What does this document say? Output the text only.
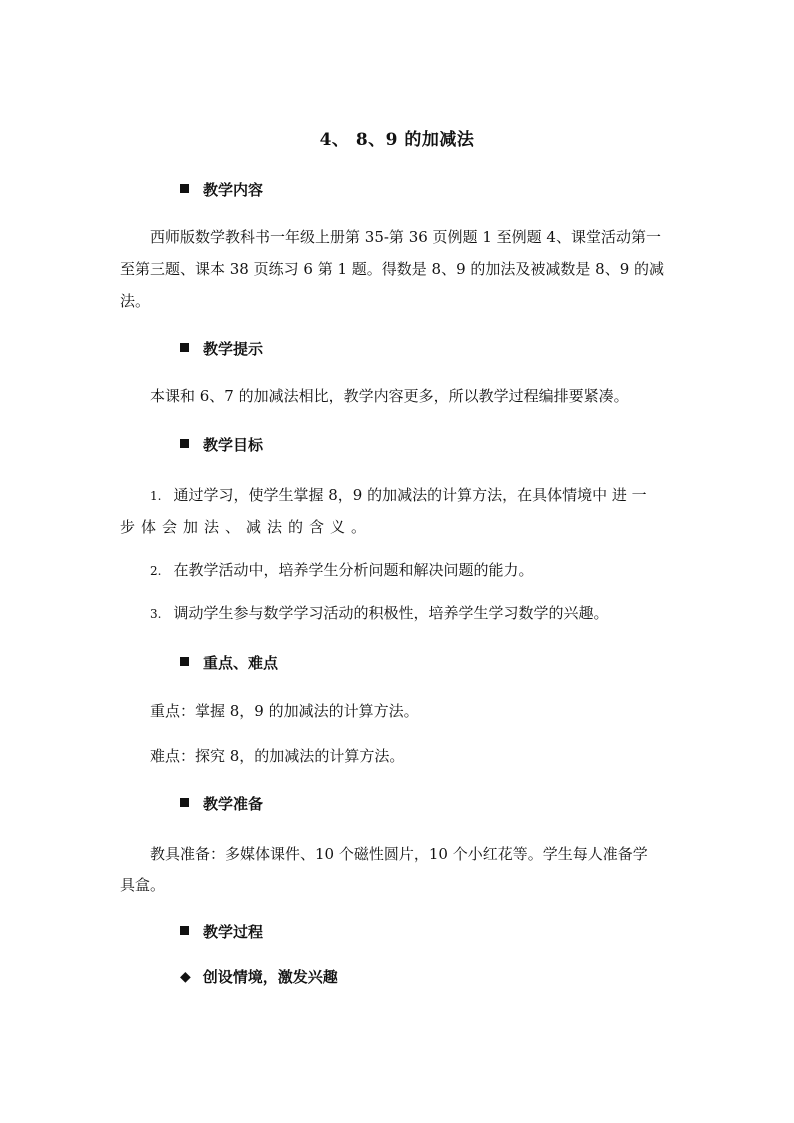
4、 8、9 的加减法
教学内容
西师版数学教科书一年级上册第 35-第 36 页例题 1 至例题 4、课堂活动第一
至第三题、课本 38 页练习 6 第 1 题。得数是 8、9 的加法及被减数是 8、9 的减
法。
教学提示
本课和 6、7 的加减法相比，教学内容更多，所以教学过程编排要紧凑。
教学目标
1. 通过学习，使学生掌握 8，9 的加减法的计算方法，在具体情境中 进 一
步体会加法、减法的含义。
2. 在教学活动中，培养学生分析问题和解决问题的能力。
3. 调动学生参与数学学习活动的积极性，培养学生学习数学的兴趣。
重点、难点
重点：掌握 8，9 的加减法的计算方法。
难点：探究 8，的加减法的计算方法。
教学准备
教具准备：多媒体课件、10 个磁性圆片，10 个小红花等。学生每人准备学
具盒。
教学过程
◆ 创设情境，激发兴趣
